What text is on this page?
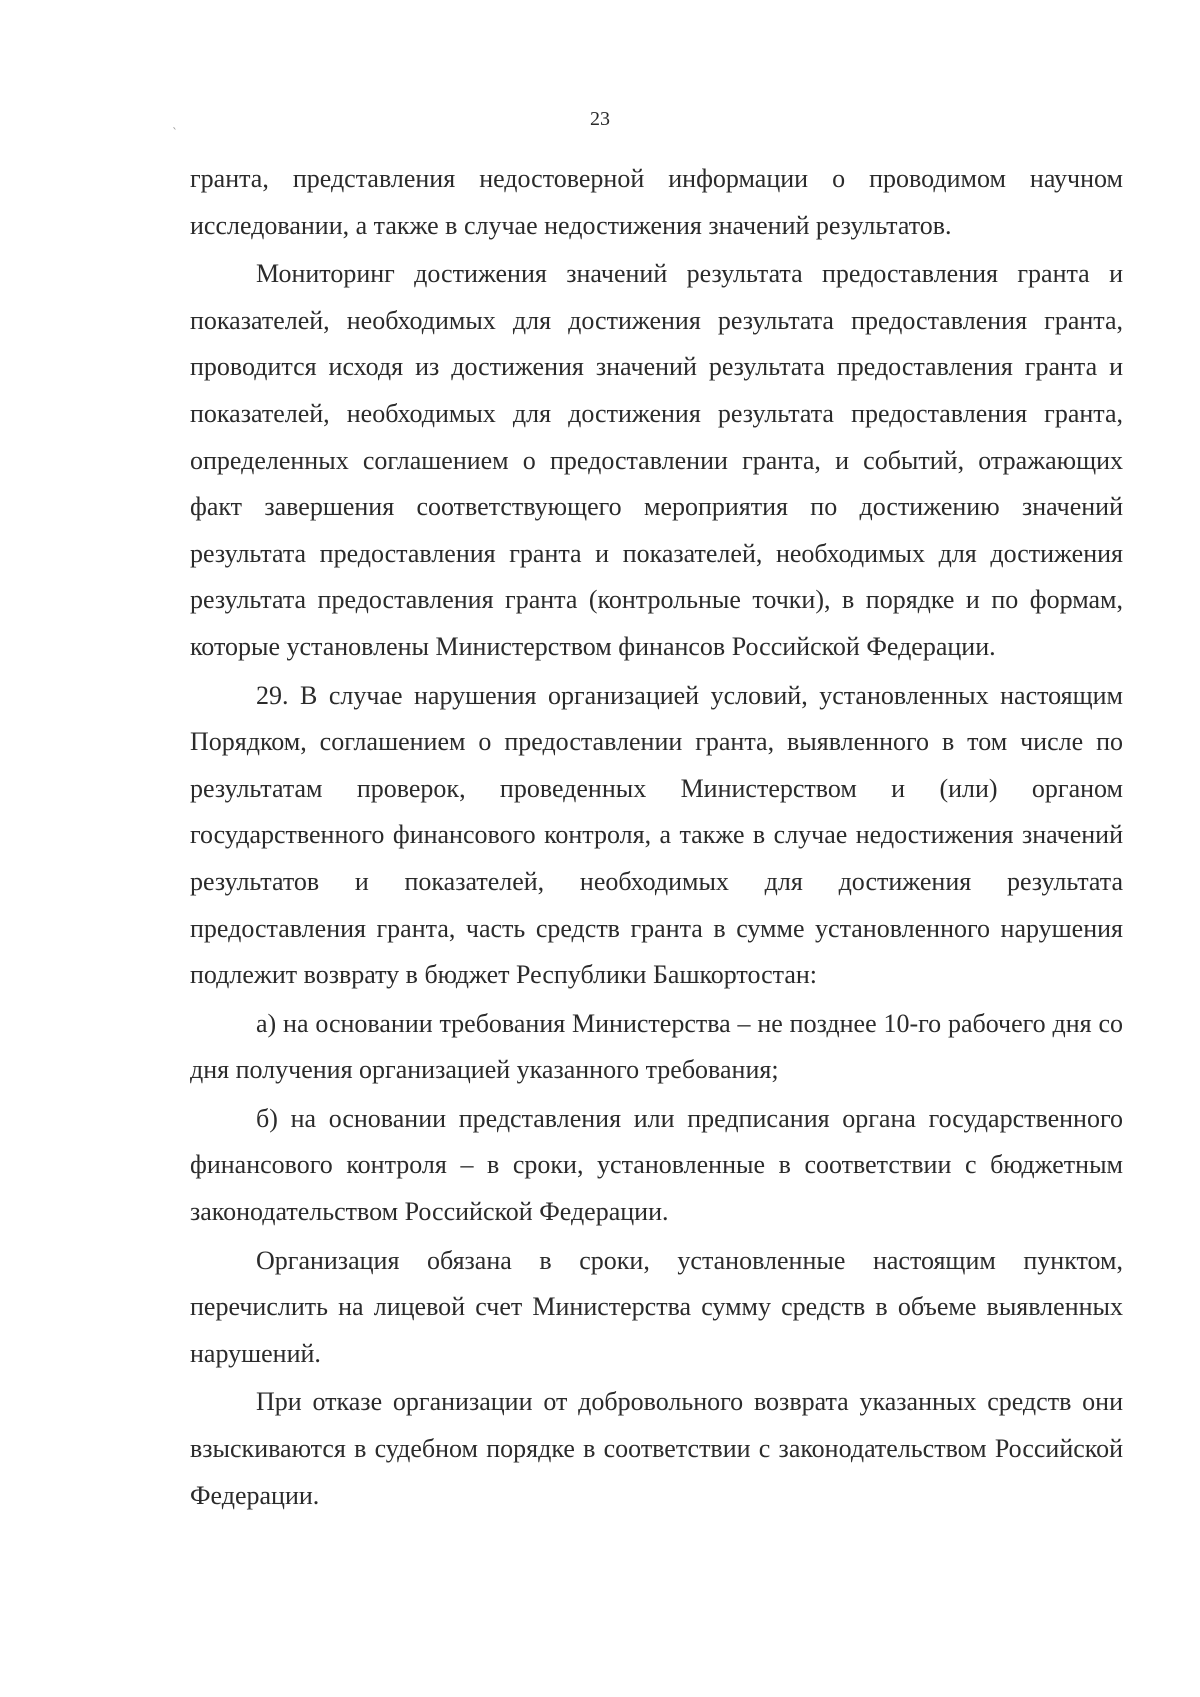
ˋ
23

гранта, представления недостоверной информации о проводимом научном исследовании, а также в случае недостижения значений результатов.

Мониторинг достижения значений результата предоставления гранта и показателей, необходимых для достижения результата предоставления гранта, проводится исходя из достижения значений результата предоставления гранта и показателей, необходимых для достижения результата предоставления гранта, определенных соглашением о предоставлении гранта, и событий, отражающих факт завершения соответствующего мероприятия по достижению значений результата предоставления гранта и показателей, необходимых для достижения результата предоставления гранта (контрольные точки), в порядке и по формам, которые установлены Министерством финансов Российской Федерации.

29. В случае нарушения организацией условий, установленных настоящим Порядком, соглашением о предоставлении гранта, выявленного в том числе по результатам проверок, проведенных Министерством и (или) органом государственного финансового контроля, а также в случае недостижения значений результатов и показателей, необходимых для достижения результата предоставления гранта, часть средств гранта в сумме установленного нарушения подлежит возврату в бюджет Республики Башкортостан:

а) на основании требования Министерства – не позднее 10-го рабочего дня со дня получения организацией указанного требования;

б) на основании представления или предписания органа государственного финансового контроля – в сроки, установленные в соответствии с бюджетным законодательством Российской Федерации.

Организация обязана в сроки, установленные настоящим пунктом, перечислить на лицевой счет Министерства сумму средств в объеме выявленных нарушений.

При отказе организации от добровольного возврата указанных средств они взыскиваются в судебном порядке в соответствии с законодательством Российской Федерации.
